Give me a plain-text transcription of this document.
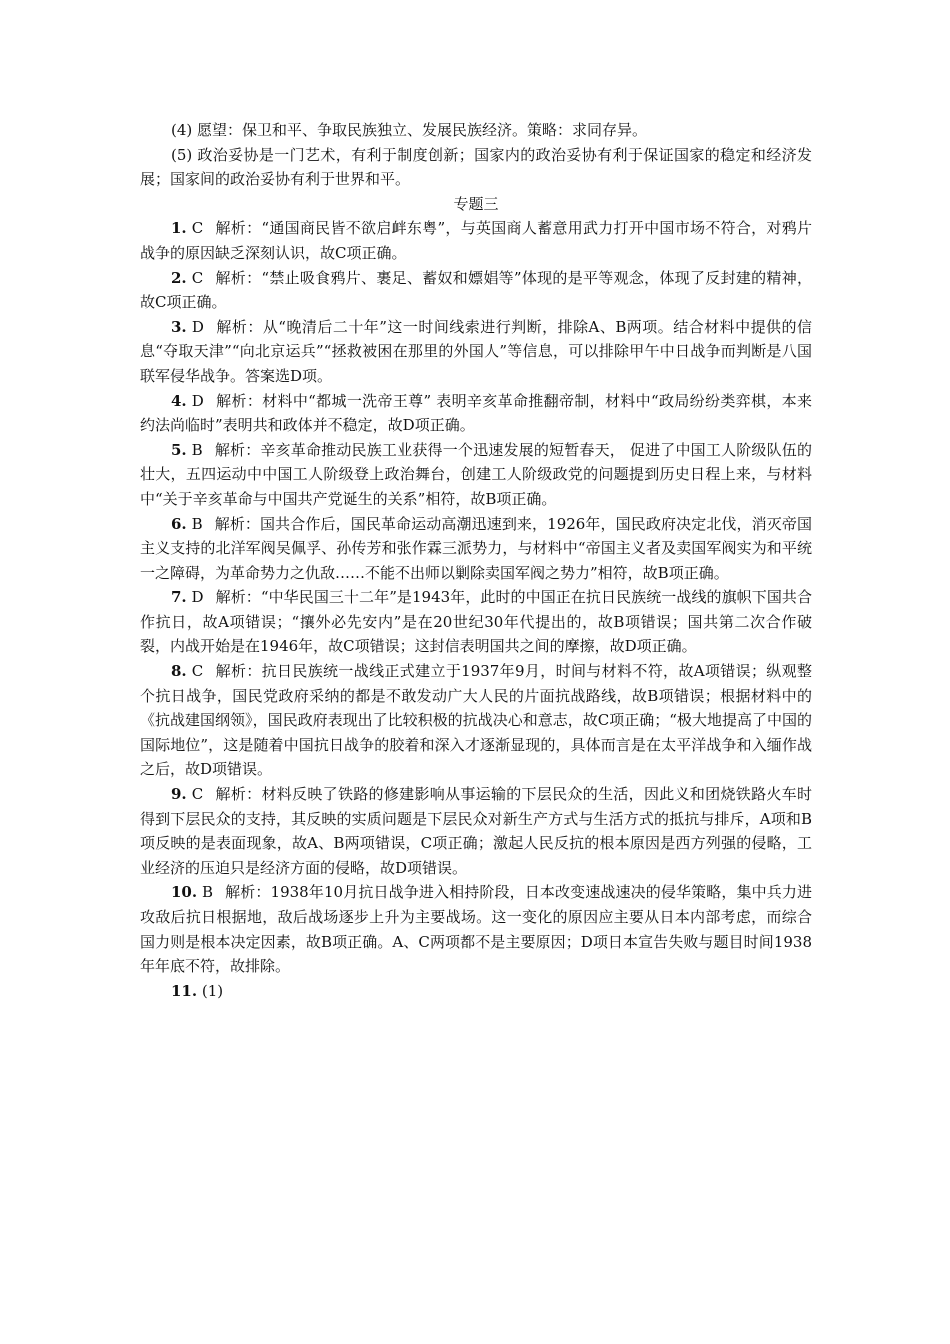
(4) 愿望：保卫和平、争取民族独立、发展民族经济。策略：求同存异。

(5) 政治妥协是一门艺术，有利于制度创新；国家内的政治妥协有利于保证国家的稳定和经济发展；国家间的政治妥协有利于世界和平。

专题三

1. C 解析：“通国商民皆不欲启衅东粤”，与英国商人蓄意用武力打开中国市场不符合，对鸦片战争的原因缺乏深刻认识，故C项正确。

2. C 解析：“禁止吸食鸦片、裹足、蓄奴和嫖娼等”体现的是平等观念，体现了反封建的精神，故C项正确。

3. D 解析：从“晚清后二十年”这一时间线索进行判断，排除A、B两项。结合材料中提供的信息“夺取天津”“向北京运兵”“拯救被困在那里的外国人”等信息，可以排除甲午中日战争而判断是八国联军侵华战争。答案选D项。

4. D 解析：材料中“都城一洗帝王尊” 表明辛亥革命推翻帝制，材料中“政局纷纷类弈棋，本来约法尚临时”表明共和政体并不稳定，故D项正确。

5. B 解析：辛亥革命推动民族工业获得一个迅速发展的短暂春天， 促进了中国工人阶级队伍的壮大，五四运动中中国工人阶级登上政治舞台，创建工人阶级政党的问题提到历史日程上来，与材料中“关于辛亥革命与中国共产党诞生的关系”相符，故B项正确。

6. B 解析：国共合作后，国民革命运动高潮迅速到来，1926年，国民政府决定北伐，消灭帝国主义支持的北洋军阀吴佩孚、孙传芳和张作霖三派势力，与材料中“帝国主义者及卖国军阀实为和平统一之障碍，为革命势力之仇敌……不能不出师以剿除卖国军阀之势力”相符，故B项正确。

7. D 解析：“中华民国三十二年”是1943年，此时的中国正在抗日民族统一战线的旗帜下国共合作抗日，故A项错误；“攘外必先安内”是在20世纪30年代提出的，故B项错误；国共第二次合作破裂，内战开始是在1946年，故C项错误；这封信表明国共之间的摩擦，故D项正确。

8. C 解析：抗日民族统一战线正式建立于1937年9月，时间与材料不符，故A项错误；纵观整个抗日战争，国民党政府采纳的都是不敢发动广大人民的片面抗战路线，故B项错误；根据材料中的《抗战建国纲领》，国民政府表现出了比较积极的抗战决心和意志，故C项正确；“极大地提高了中国的国际地位”，这是随着中国抗日战争的胶着和深入才逐渐显现的，具体而言是在太平洋战争和入缅作战之后，故D项错误。

9. C 解析：材料反映了铁路的修建影响从事运输的下层民众的生活，因此义和团烧铁路火车时得到下层民众的支持，其反映的实质问题是下层民众对新生产方式与生活方式的抵抗与排斥，A项和B项反映的是表面现象，故A、B两项错误，C项正确；激起人民反抗的根本原因是西方列强的侵略，工业经济的压迫只是经济方面的侵略，故D项错误。

10. B 解析：1938年10月抗日战争进入相持阶段，日本改变速战速决的侵华策略，集中兵力进攻敌后抗日根据地，敌后战场逐步上升为主要战场。这一变化的原因应主要从日本内部考虑，而综合国力则是根本决定因素，故B项正确。A、C两项都不是主要原因；D项日本宣告失败与题目时间1938年年底不符，故排除。

11. (1)
